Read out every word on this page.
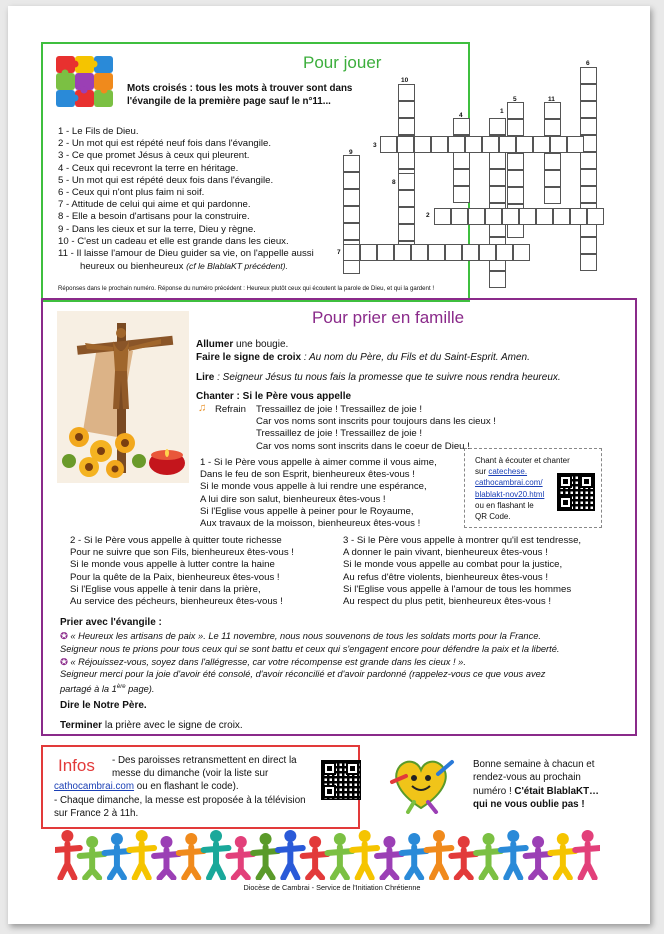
Pour jouer
Mots croisés : tous les mots à trouver sont dans
l'évangile de la première page sauf le n°11...
1 - Le Fils de Dieu.
2 - Un mot qui est répété neuf fois dans l'évangile.
3 - Ce que promet Jésus à ceux qui pleurent.
4 - Ceux qui recevront la terre en héritage.
5 - Un mot qui est répété deux fois dans l'évangile.
6 - Ceux qui n'ont plus faim ni soif.
7 - Attitude de celui qui aime et qui pardonne.
8 - Elle a besoin d'artisans pour la construire.
9 - Dans les cieux et sur la terre, Dieu y règne.
10 - C'est un cadeau et elle est grande dans les cieux.
11 - Il laisse l'amour de Dieu guider sa vie, on l'appelle aussi
heureux ou bienheureux (cf le BlablaKT précédent).
Réponses dans le prochain numéro. Réponse du numéro précédent : Heureux plutôt ceux qui écoutent la parole de Dieu, et qui la gardent !
1
2
3
4
5
6
7
8
9
10
11
Pour prier en famille
Allumer une bougie.
Faire le signe de croix : Au nom du Père, du Fils et du Saint-Esprit. Amen.
Lire : Seigneur Jésus tu nous fais la promesse que te suivre nous rendra heureux.
Chanter : Si le Père vous appelle
♫ Refrain Tressaillez de joie ! Tressaillez de joie !
Car vos noms sont inscrits pour toujours dans les cieux !
Tressaillez de joie ! Tressaillez de joie !
Car vos noms sont inscrits dans le coeur de Dieu !
1 - Si le Père vous appelle à aimer comme il vous aime,
Dans le feu de son Esprit, bienheureux êtes-vous !
Si le monde vous appelle à lui rendre une espérance,
A lui dire son salut, bienheureux êtes-vous !
Si l'Eglise vous appelle à peiner pour le Royaume,
Aux travaux de la moisson, bienheureux êtes-vous !
Chant à écouter et chanter
sur catechese.
cathocambrai.com/
blablakt-nov20.html
ou en flashant le
QR Code.
2 - Si le Père vous appelle à quitter toute richesse
Pour ne suivre que son Fils, bienheureux êtes-vous !
Si le monde vous appelle à lutter contre la haine
Pour la quête de la Paix, bienheureux êtes-vous !
Si l'Eglise vous appelle à tenir dans la prière,
Au service des pécheurs, bienheureux êtes-vous !
3 - Si le Père vous appelle à montrer qu'il est tendresse,
A donner le pain vivant, bienheureux êtes-vous !
Si le monde vous appelle au combat pour la justice,
Au refus d'être violents, bienheureux êtes-vous !
Si l'Eglise vous appelle à l'amour de tous les hommes
Au respect du plus petit, bienheureux êtes-vous !
Prier avec l'évangile :
✪ « Heureux les artisans de paix ». Le 11 novembre, nous nous souvenons de tous les soldats morts pour la France.
Seigneur nous te prions pour tous ceux qui se sont battu et ceux qui s'engagent encore pour défendre la paix et la liberté.
✪ « Réjouissez-vous, soyez dans l'allégresse, car votre récompense est grande dans les cieux ! ».
Seigneur merci pour la joie d'avoir été consolé, d'avoir réconcilié et d'avoir pardonné (rappelez-vous ce que vous avez
partagé à la 1ère page).
Dire le Notre Père.
Terminer la prière avec le signe de croix.
Infos - Des paroisses retransmettent en direct la
messe du dimanche (voir la liste sur
cathocambrai.com ou en flashant le code).
- Chaque dimanche, la messe est proposée à la télévision
sur France 2 à 11h.
Bonne semaine à chacun et
rendez-vous au prochain
numéro ! C'était BlablaKT…
qui ne vous oublie pas !
Diocèse de Cambrai - Service de l'Initiation Chrétienne
